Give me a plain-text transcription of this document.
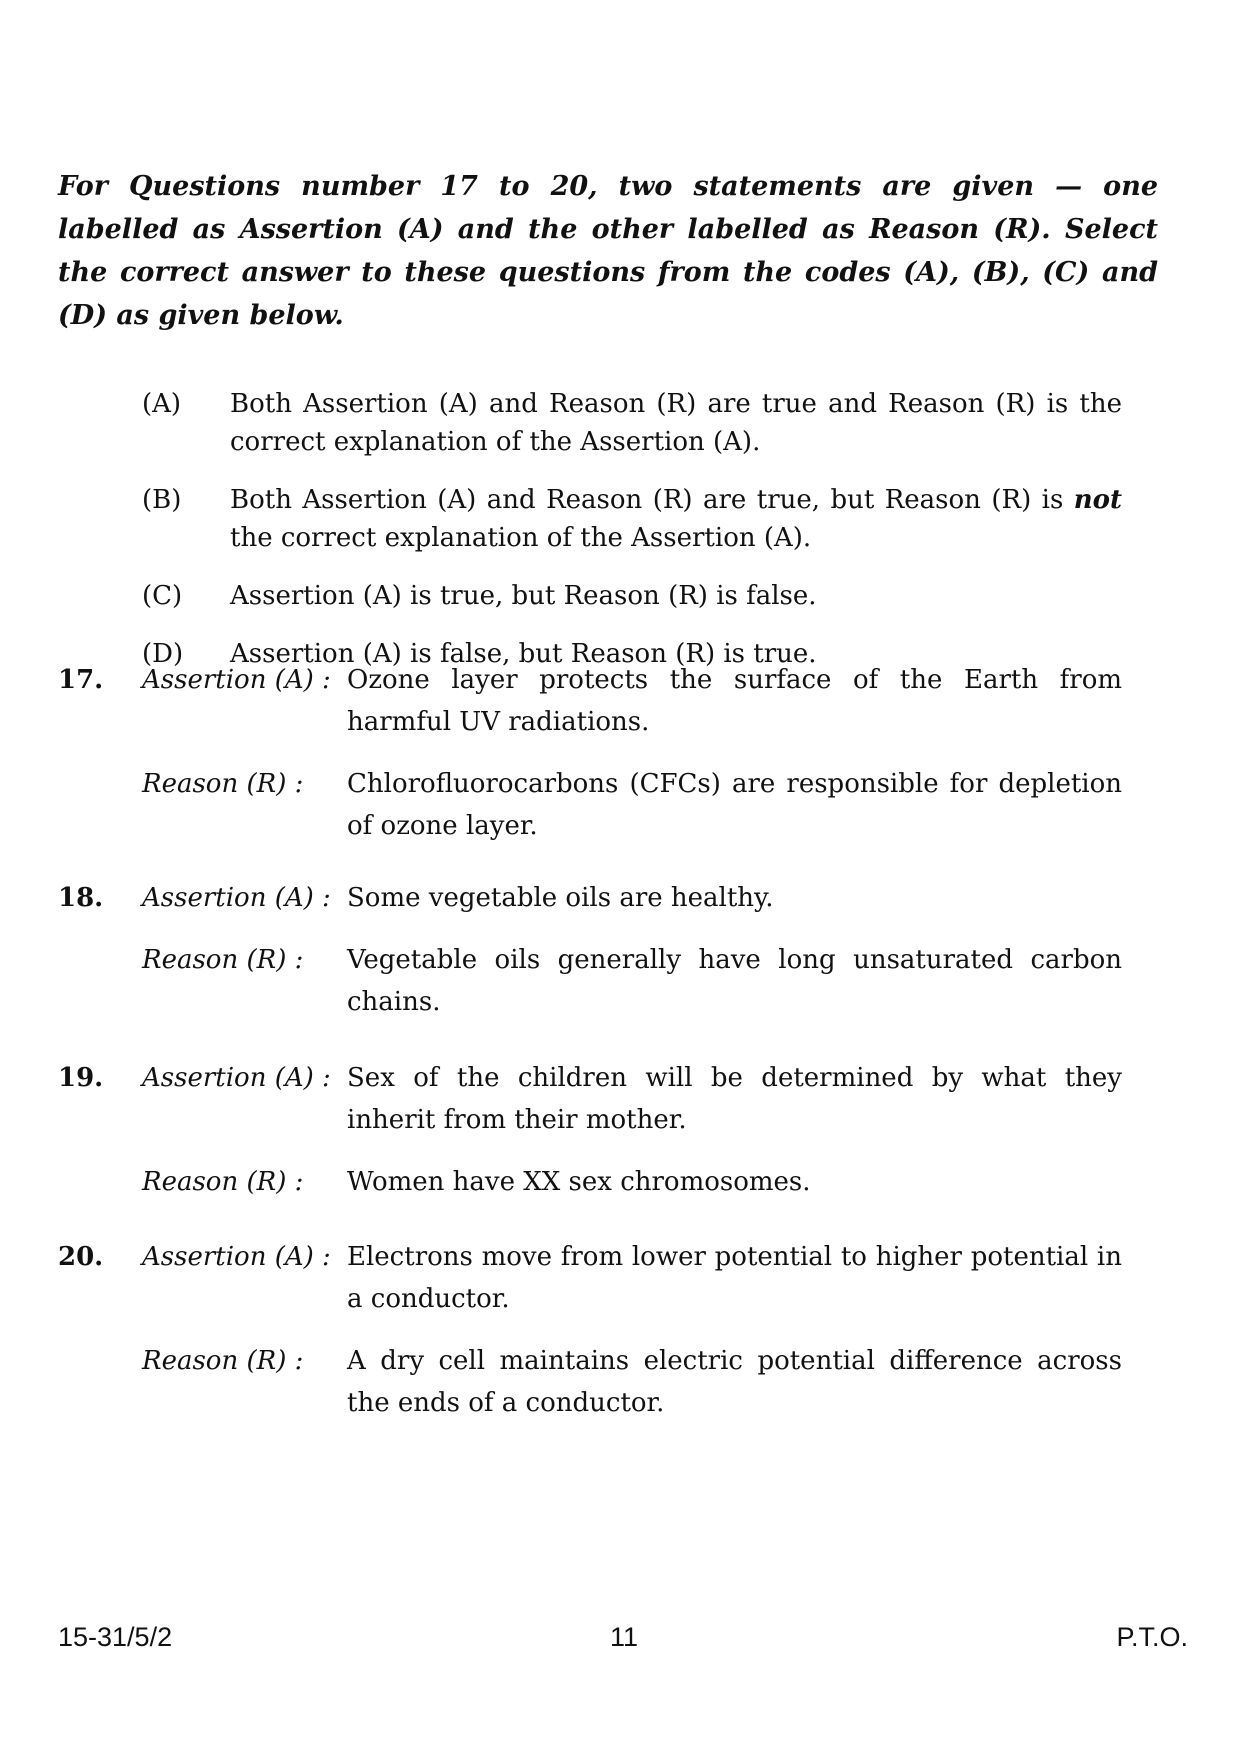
For Questions number 17 to 20, two statements are given — one labelled as Assertion (A) and the other labelled as Reason (R). Select the correct answer to these questions from the codes (A), (B), (C) and (D) as given below.
(A)	Both Assertion (A) and Reason (R) are true and Reason (R) is the correct explanation of the Assertion (A).
(B)	Both Assertion (A) and Reason (R) are true, but Reason (R) is not the correct explanation of the Assertion (A).
(C)	Assertion (A) is true, but Reason (R) is false.
(D)	Assertion (A) is false, but Reason (R) is true.
17.	Assertion (A) : Ozone layer protects the surface of the Earth from harmful UV radiations.
Reason (R) :	Chlorofluorocarbons (CFCs) are responsible for depletion of ozone layer.
18.	Assertion (A) : Some vegetable oils are healthy.
Reason (R) :	Vegetable oils generally have long unsaturated carbon chains.
19.	Assertion (A) : Sex of the children will be determined by what they inherit from their mother.
Reason (R) :	Women have XX sex chromosomes.
20.	Assertion (A) : Electrons move from lower potential to higher potential in a conductor.
Reason (R) :	A dry cell maintains electric potential difference across the ends of a conductor.
15-31/5/2	11	P.T.O.
